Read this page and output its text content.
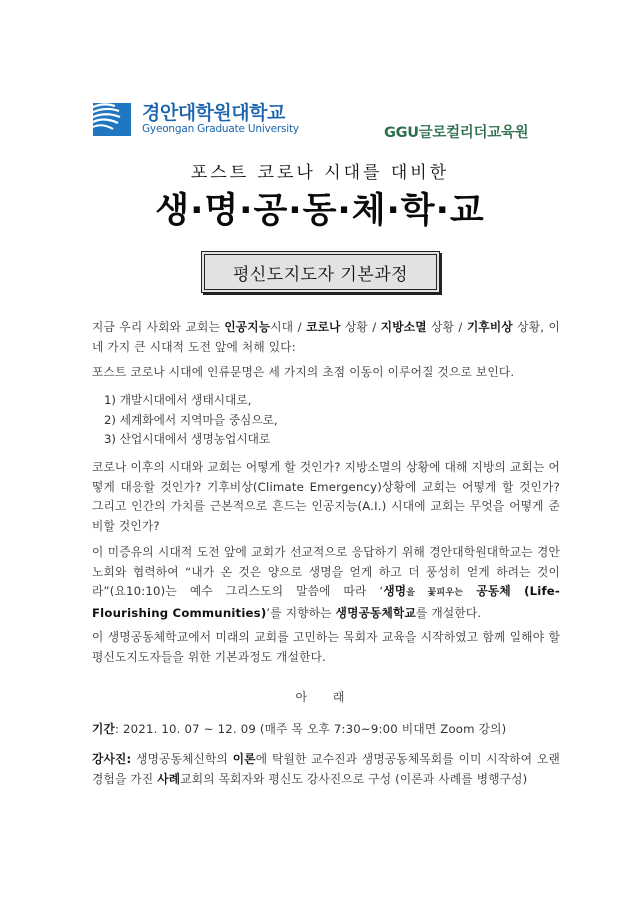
경안대학원대학교
Gyeongan Graduate University	GGU글로컬리더교육원
포스트 코로나 시대를 대비한
생·명·공·동·체·학·교
평신도지도자 기본과정
지금 우리 사회와 교회는 인공지능시대 / 코로나 상황 / 지방소멸 상황 / 기후비상 상황, 이 네 가지 큰 시대적 도전 앞에 처해 있다:
포스트 코로나 시대에 인류문명은 세 가지의 초점 이동이 이루어질 것으로 보인다.
1) 개발시대에서 생태시대로,
2) 세계화에서 지역마을 중심으로,
3) 산업시대에서 생명농업시대로
코로나 이후의 시대와 교회는 어떻게 할 것인가? 지방소멸의 상황에 대해 지방의 교회는 어떻게 대응할 것인가? 기후비상(Climate Emergency)상황에 교회는 어떻게 할 것인가? 그리고 인간의 가치를 근본적으로 흔드는 인공지능(A.I.) 시대에 교회는 무엇을 어떻게 준비할 것인가?
이 미증유의 시대적 도전 앞에 교회가 선교적으로 응답하기 위해 경안대학원대학교는 경안노회와 협력하여 “내가 온 것은 양으로 생명을 얻게 하고 더 풍성히 얻게 하려는 것이라”(요10:10)는 예수 그리스도의 말씀에 따라 ‘생명을 꽃피우는 공동체 (Life-Flourishing Communities)’를 지향하는 생명공동체학교를 개설한다.
이 생명공동체학교에서 미래의 교회를 고민하는 목회자 교육을 시작하였고 함께 일해야 할 평신도지도자들을 위한 기본과정도 개설한다.
아 래
기간: 2021. 10. 07 ~ 12. 09 (매주 목 오후 7:30~9:00 비대면 Zoom 강의)
강사진: 생명공동체신학의 이론에 탁월한 교수진과 생명공동체목회를 이미 시작하여 오랜경험을 가진 사례교회의 목회자와 평신도 강사진으로 구성 (이론과 사례를 병행구성)
